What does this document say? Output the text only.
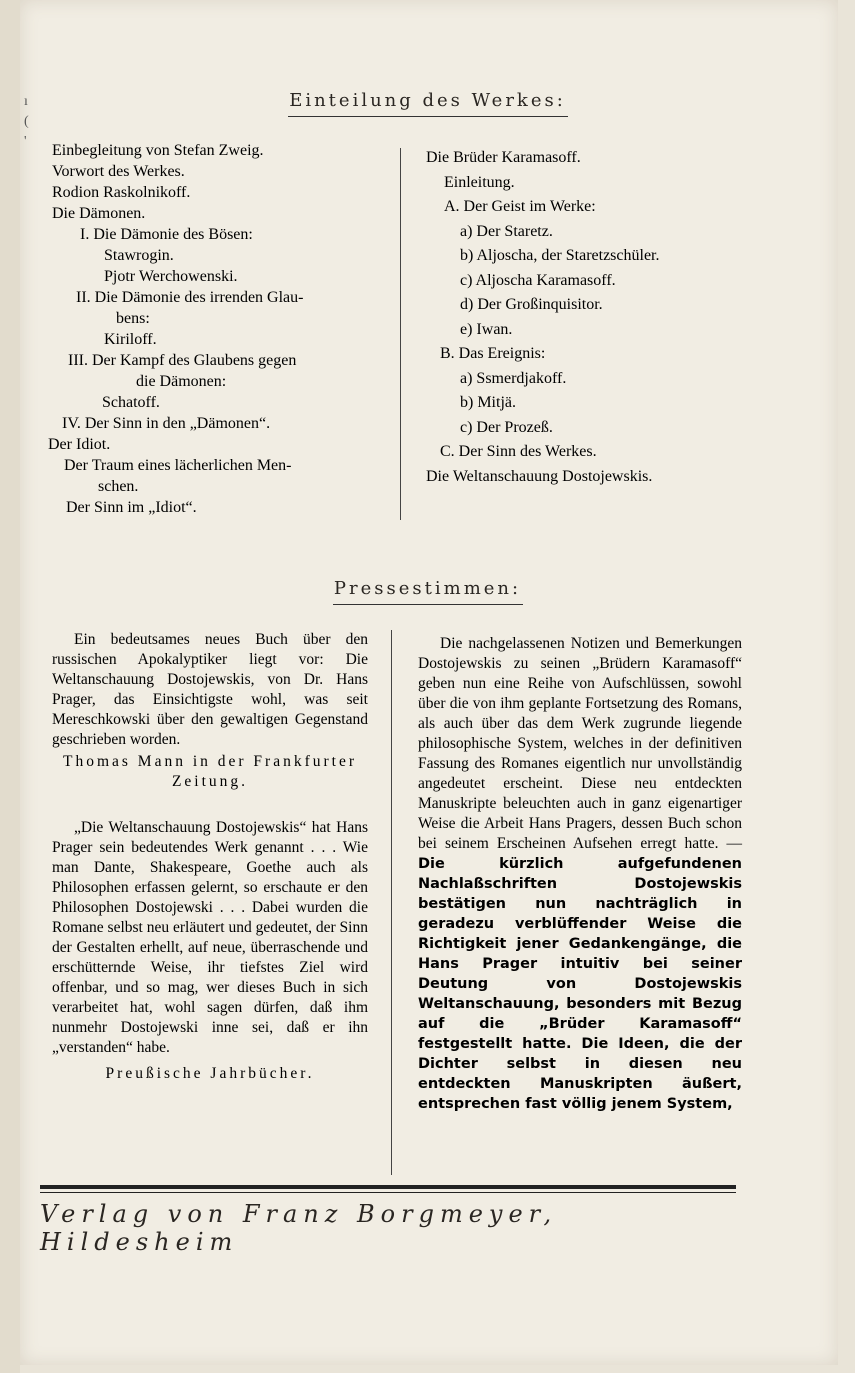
ı
(
'
Einteilung des Werkes:
Einbegleitung von Stefan Zweig.
Vorwort des Werkes.
Rodion Raskolnikoff.
Die Dämonen.
I. Die Dämonie des Bösen:
Stawrogin.
Pjotr Werchowenski.
II. Die Dämonie des irrenden Glau-
bens:
Kiriloff.
III. Der Kampf des Glaubens gegen
die Dämonen:
Schatoff.
IV. Der Sinn in den „Dämonen“.
Der Idiot.
Der Traum eines lächerlichen Men-
schen.
Der Sinn im „Idiot“.
Die Brüder Karamasoff.
Einleitung.
A. Der Geist im Werke:
a) Der Staretz.
b) Aljoscha, der Staretzschüler.
c) Aljoscha Karamasoff.
d) Der Großinquisitor.
e) Iwan.
B. Das Ereignis:
a) Ssmerdjakoff.
b) Mitjä.
c) Der Prozeß.
C. Der Sinn des Werkes.
Die Weltanschauung Dostojewskis.
Pressestimmen:

Ein bedeutsames neues Buch über den russischen Apokalyptiker liegt vor: Die Weltanschauung Dostojewskis, von Dr. Hans Prager, das Einsichtigste wohl, was seit Mereschkowski über den gewaltigen Gegenstand geschrieben worden.

Thomas Mann in der Frankfurter Zeitung.

„Die Weltanschauung Dostojewskis“ hat Hans Prager sein bedeutendes Werk genannt . . . Wie man Dante, Shakespeare, Goethe auch als Philosophen erfassen gelernt, so erschaute er den Philosophen Dostojewski . . . Dabei wurden die Romane selbst neu erläutert und gedeutet, der Sinn der Gestalten erhellt, auf neue, überraschende und erschütternde Weise, ihr tiefstes Ziel wird offenbar, und so mag, wer dieses Buch in sich verarbeitet hat, wohl sagen dürfen, daß ihm nunmehr Dostojewski inne sei, daß er ihn „verstanden“ habe.

Preußische Jahrbücher.

Die nachgelassenen Notizen und Bemerkungen Dostojewskis zu seinen „Brüdern Karamasoff“ geben nun eine Reihe von Aufschlüssen, sowohl über die von ihm geplante Fortsetzung des Romans, als auch über das dem Werk zugrunde liegende philosophische System, welches in der definitiven Fassung des Romanes eigentlich nur unvollständig angedeutet erscheint. Diese neu entdeckten Manuskripte beleuchten auch in ganz eigenartiger Weise die Arbeit Hans Pragers, dessen Buch schon bei seinem Erscheinen Aufsehen erregt hatte. — Die kürzlich aufgefundenen Nachlaßschriften Dostojewskis bestätigen nun nachträglich in geradezu verblüffender Weise die Richtigkeit jener Gedankengänge, die Hans Prager intuitiv bei seiner Deutung von Dostojewskis Weltanschauung, besonders mit Bezug auf die „Brüder Karamasoff“ festgestellt hatte. Die Ideen, die der Dichter selbst in diesen neu entdeckten Manuskripten äußert, entsprechen fast völlig jenem System,

Verlag von Franz Borgmeyer, Hildesheim
